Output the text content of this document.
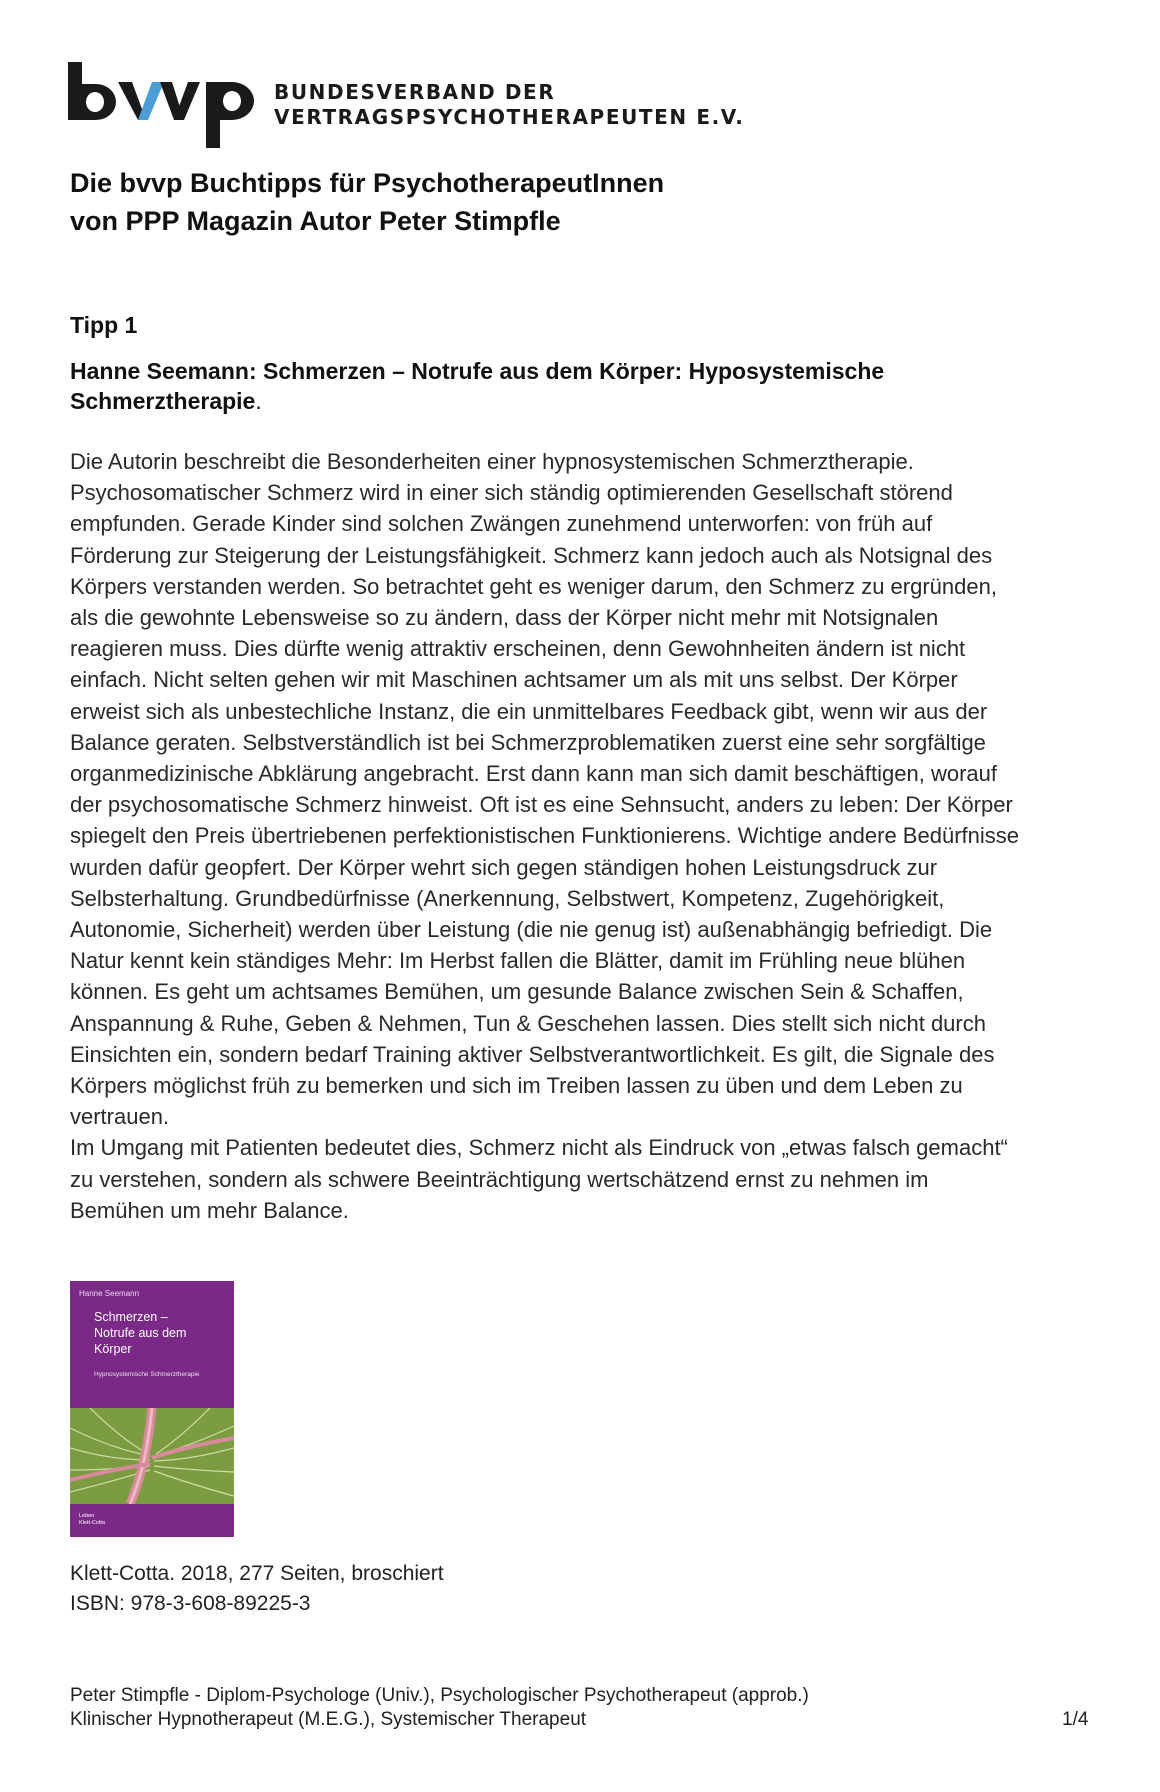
BUNDESVERBAND DER
VERTRAGSPSYCHOTHERAPEUTEN E.V.
Die bvvp Buchtipps für PsychotherapeutInnen
von PPP Magazin Autor Peter Stimpfle
Tipp 1
Hanne Seemann: Schmerzen – Notrufe aus dem Körper: Hyposystemische
Schmerztherapie.
Die Autorin beschreibt die Besonderheiten einer hypnosystemischen Schmerztherapie.
Psychosomatischer Schmerz wird in einer sich ständig optimierenden Gesellschaft störend
empfunden. Gerade Kinder sind solchen Zwängen zunehmend unterworfen: von früh auf
Förderung zur Steigerung der Leistungsfähigkeit. Schmerz kann jedoch auch als Notsignal des
Körpers verstanden werden. So betrachtet geht es weniger darum, den Schmerz zu ergründen,
als die gewohnte Lebensweise so zu ändern, dass der Körper nicht mehr mit Notsignalen
reagieren muss. Dies dürfte wenig attraktiv erscheinen, denn Gewohnheiten ändern ist nicht
einfach. Nicht selten gehen wir mit Maschinen achtsamer um als mit uns selbst. Der Körper
erweist sich als unbestechliche Instanz, die ein unmittelbares Feedback gibt, wenn wir aus der
Balance geraten. Selbstverständlich ist bei Schmerzproblematiken zuerst eine sehr sorgfältige
organmedizinische Abklärung angebracht. Erst dann kann man sich damit beschäftigen, worauf
der psychosomatische Schmerz hinweist. Oft ist es eine Sehnsucht, anders zu leben: Der Körper
spiegelt den Preis übertriebenen perfektionistischen Funktionierens. Wichtige andere Bedürfnisse
wurden dafür geopfert. Der Körper wehrt sich gegen ständigen hohen Leistungsdruck zur
Selbsterhaltung. Grundbedürfnisse (Anerkennung, Selbstwert, Kompetenz, Zugehörigkeit,
Autonomie, Sicherheit) werden über Leistung (die nie genug ist) außenabhängig befriedigt. Die
Natur kennt kein ständiges Mehr: Im Herbst fallen die Blätter, damit im Frühling neue blühen
können. Es geht um achtsames Bemühen, um gesunde Balance zwischen Sein & Schaffen,
Anspannung & Ruhe, Geben & Nehmen, Tun & Geschehen lassen. Dies stellt sich nicht durch
Einsichten ein, sondern bedarf Training aktiver Selbstverantwortlichkeit. Es gilt, die Signale des
Körpers möglichst früh zu bemerken und sich im Treiben lassen zu üben und dem Leben zu
vertrauen.
Im Umgang mit Patienten bedeutet dies, Schmerz nicht als Eindruck von „etwas falsch gemacht“
zu verstehen, sondern als schwere Beeinträchtigung wertschätzend ernst zu nehmen im
Bemühen um mehr Balance.
Hanne Seemann
Schmerzen –
Notrufe aus dem
Körper
Hypnosystemische Schmerztherapie
Leben
Klett-Cotta
Klett-Cotta. 2018, 277 Seiten, broschiert
ISBN: 978-3-608-89225-3
Peter Stimpfle - Diplom-Psychologe (Univ.), Psychologischer Psychotherapeut (approb.)
Klinischer Hypnotherapeut (M.E.G.), Systemischer Therapeut	1/4
